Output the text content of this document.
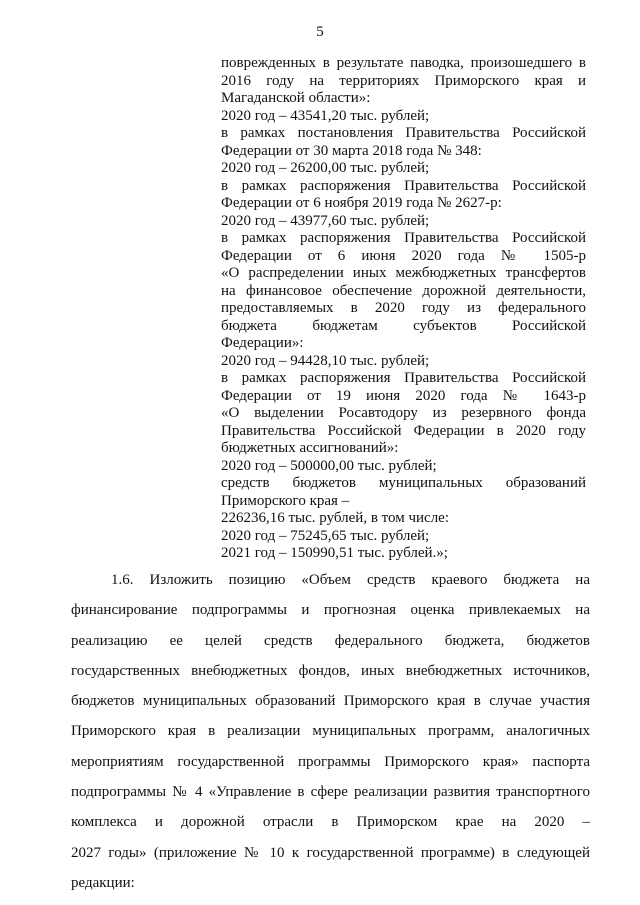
5
поврежденных в результате паводка, произошедшего в
2016 году на территориях Приморского края и
Магаданской области»:
2020 год – 43541,20 тыс. рублей;
в рамках постановления Правительства Российской
Федерации от 30 марта 2018 года № 348:
2020 год – 26200,00 тыс. рублей;
в рамках распоряжения Правительства Российской
Федерации от 6 ноября 2019 года № 2627-р:
2020 год – 43977,60 тыс. рублей;
в рамках распоряжения Правительства Российской
Федерации от 6 июня 2020 года № 1505-р
«О распределении иных межбюджетных трансфертов
на финансовое обеспечение дорожной деятельности,
предоставляемых в 2020 году из федерального
бюджета бюджетам субъектов Российской
Федерации»:
2020 год – 94428,10 тыс. рублей;
в рамках распоряжения Правительства Российской
Федерации от 19 июня 2020 года № 1643-р
«О выделении Росавтодору из резервного фонда
Правительства Российской Федерации в 2020 году
бюджетных ассигнований»:
2020 год – 500000,00 тыс. рублей;
средств бюджетов муниципальных образований
Приморского края –
226236,16 тыс. рублей, в том числе:
2020 год – 75245,65 тыс. рублей;
2021 год – 150990,51 тыс. рублей.»;
1.6. Изложить позицию «Объем средств краевого бюджета на
финансирование подпрограммы и прогнозная оценка привлекаемых на
реализацию ее целей средств федерального бюджета, бюджетов
государственных внебюджетных фондов, иных внебюджетных источников,
бюджетов муниципальных образований Приморского края в случае участия
Приморского края в реализации муниципальных программ, аналогичных
мероприятиям государственной программы Приморского края» паспорта
подпрограммы № 4 «Управление в сфере реализации развития транспортного
комплекса и дорожной отрасли в Приморском крае на 2020 –
2027 годы» (приложение № 10 к государственной программе) в следующей
редакции:
